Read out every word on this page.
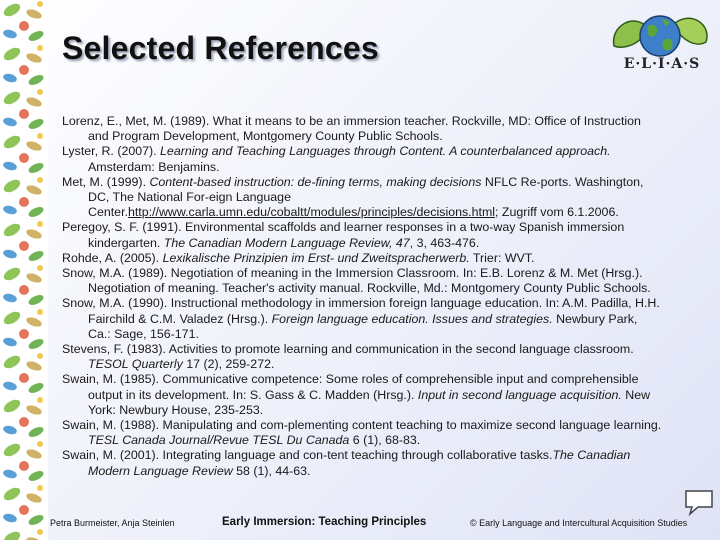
Selected References	E·L·I·A·S

Lorenz, E., Met, M. (1989). What it means to be an immersion teacher. Rockville, MD: Office of Instruction and Program Development, Montgomery County Public Schools.

Lyster, R. (2007). Learning and Teaching Languages through Content. A counterbalanced approach. Amsterdam: Benjamins.

Met, M. (1999). Content-based instruction: de-fining terms, making decisions NFLC Re-ports. Washington, DC, The National For-eign Language Center.http://www.carla.umn.edu/cobaltt/modules/principles/decisions.html; Zugriff vom 6.1.2006.

Peregoy, S. F. (1991). Environmental scaffolds and learner responses in a two-way Spanish immersion kindergarten. The Canadian Modern Language Review, 47, 3, 463-476.

Rohde, A. (2005). Lexikalische Prinzipien im Erst- und Zweitspracherwerb. Trier: WVT.

Snow, M.A. (1989). Negotiation of meaning in the Immersion Classroom. In: E.B. Lorenz & M. Met (Hrsg.). Negotiation of meaning. Teacher's activity manual. Rockville, Md.: Montgomery County Public Schools.

Snow, M.A. (1990). Instructional methodology in immersion foreign language education. In: A.M. Padilla, H.H. Fairchild & C.M. Valadez (Hrsg.). Foreign language education. Issues and strategies. Newbury Park, Ca.: Sage, 156-171.

Stevens, F. (1983). Activities to promote learning and communication in the second language classroom. TESOL Quarterly 17 (2), 259-272.

Swain, M. (1985). Communicative competence: Some roles of comprehensible input and comprehensible output in its development. In: S. Gass & C. Madden (Hrsg.). Input in second language acquisition. New York: Newbury House, 235-253.

Swain, M. (1988). Manipulating and com-plementing content teaching to maximize second language learning. TESL Canada Journal/Revue TESL Du Canada 6 (1), 68-83.

Swain, M. (2001). Integrating language and con-tent teaching through collaborative tasks.The Canadian Modern Language Review 58 (1), 44-63.

Petra Burmeister, Anja Steinlen	Early Immersion: Teaching Principles	© Early Language and Intercultural Acquisition Studies
